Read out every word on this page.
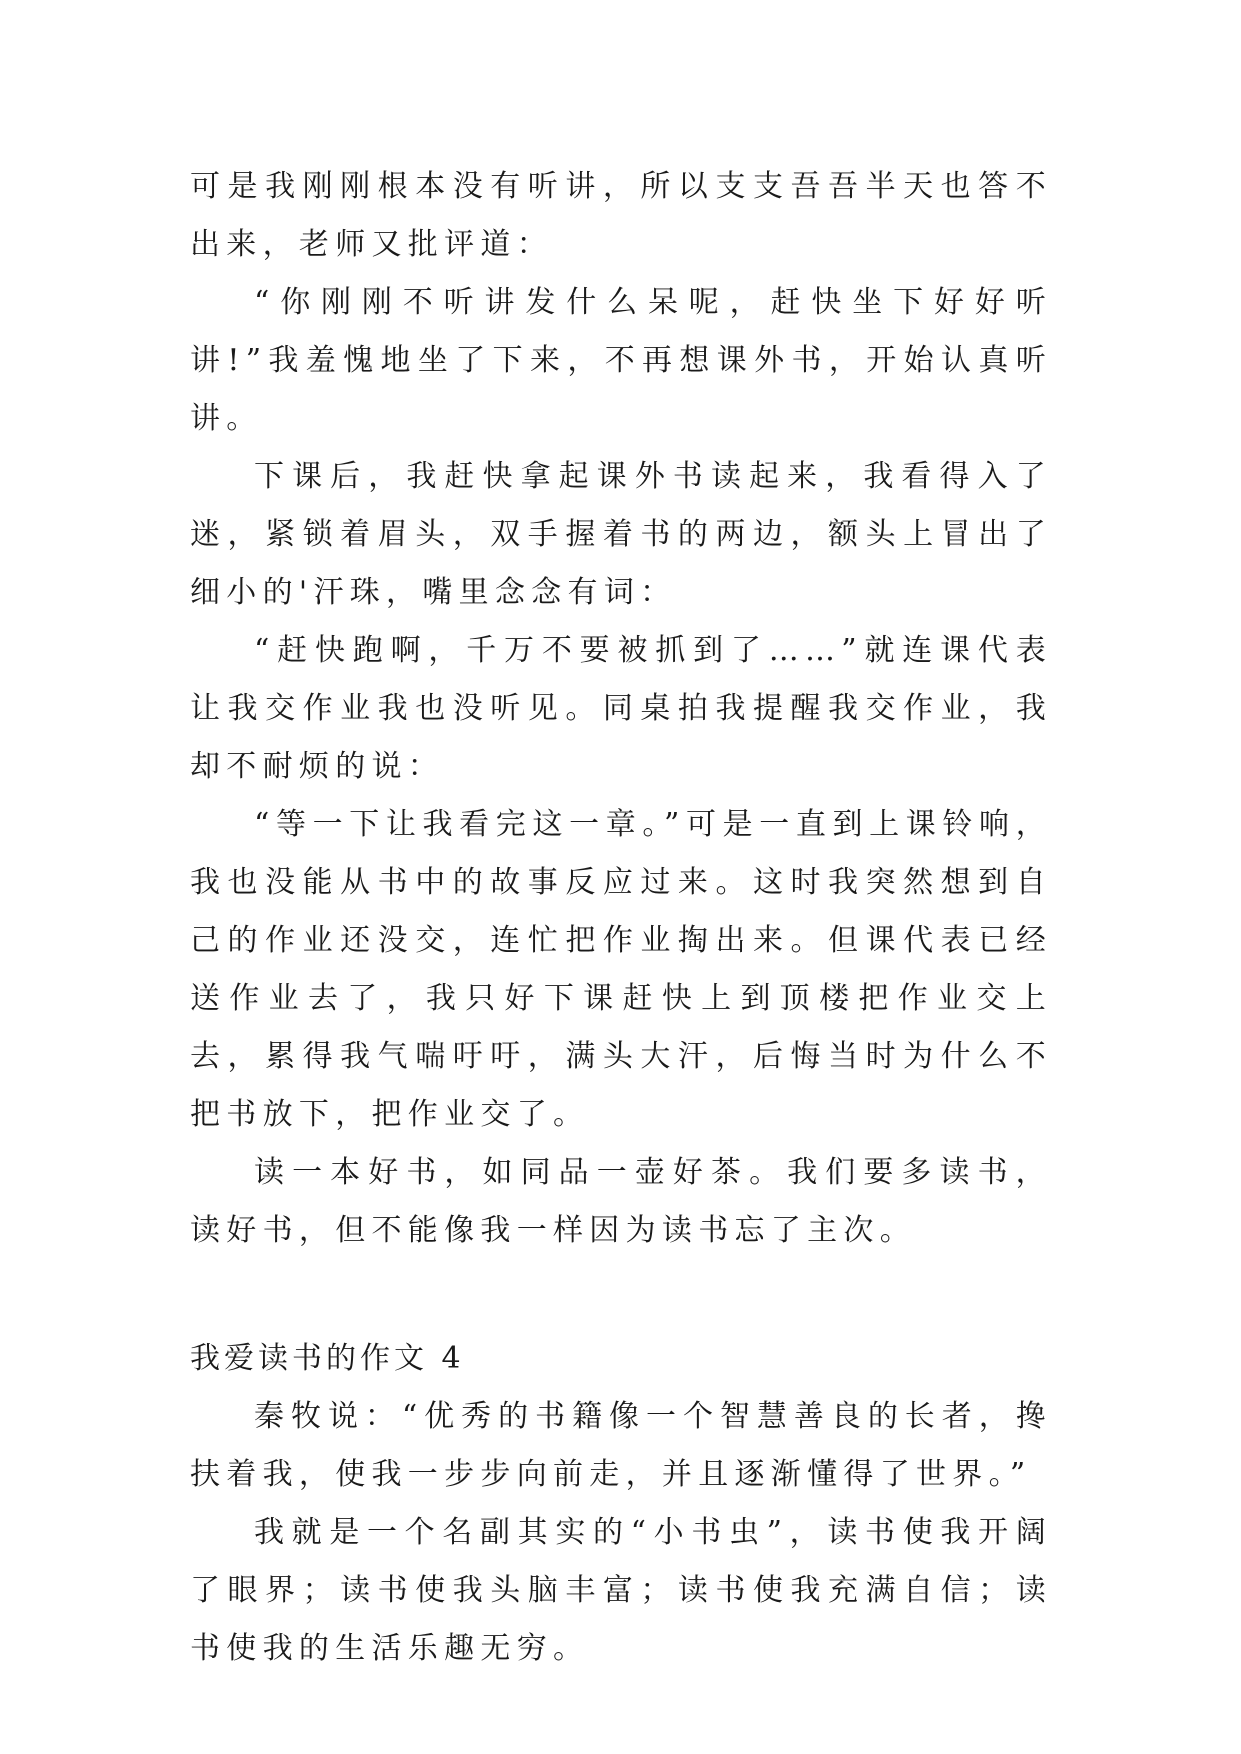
可是我刚刚根本没有听讲，所以支支吾吾半天也答不出来，老师又批评道：

“你刚刚不听讲发什么呆呢，赶快坐下好好听讲!”我羞愧地坐了下来，不再想课外书，开始认真听讲。

下课后，我赶快拿起课外书读起来，我看得入了迷，紧锁着眉头，双手握着书的两边，额头上冒出了细小的'汗珠，嘴里念念有词：

“赶快跑啊，千万不要被抓到了……”就连课代表让我交作业我也没听见。同桌拍我提醒我交作业，我却不耐烦的说：

“等一下让我看完这一章。”可是一直到上课铃响，我也没能从书中的故事反应过来。这时我突然想到自己的作业还没交，连忙把作业掏出来。但课代表已经送作业去了，我只好下课赶快上到顶楼把作业交上去，累得我气喘吁吁，满头大汗，后悔当时为什么不把书放下，把作业交了。

读一本好书，如同品一壶好茶。我们要多读书，读好书，但不能像我一样因为读书忘了主次。

我爱读书的作文 4

秦牧说：“优秀的书籍像一个智慧善良的长者，搀扶着我，使我一步步向前走，并且逐渐懂得了世界。”

我就是一个名副其实的“小书虫”，读书使我开阔了眼界；读书使我头脑丰富；读书使我充满自信；读书使我的生活乐趣无穷。
